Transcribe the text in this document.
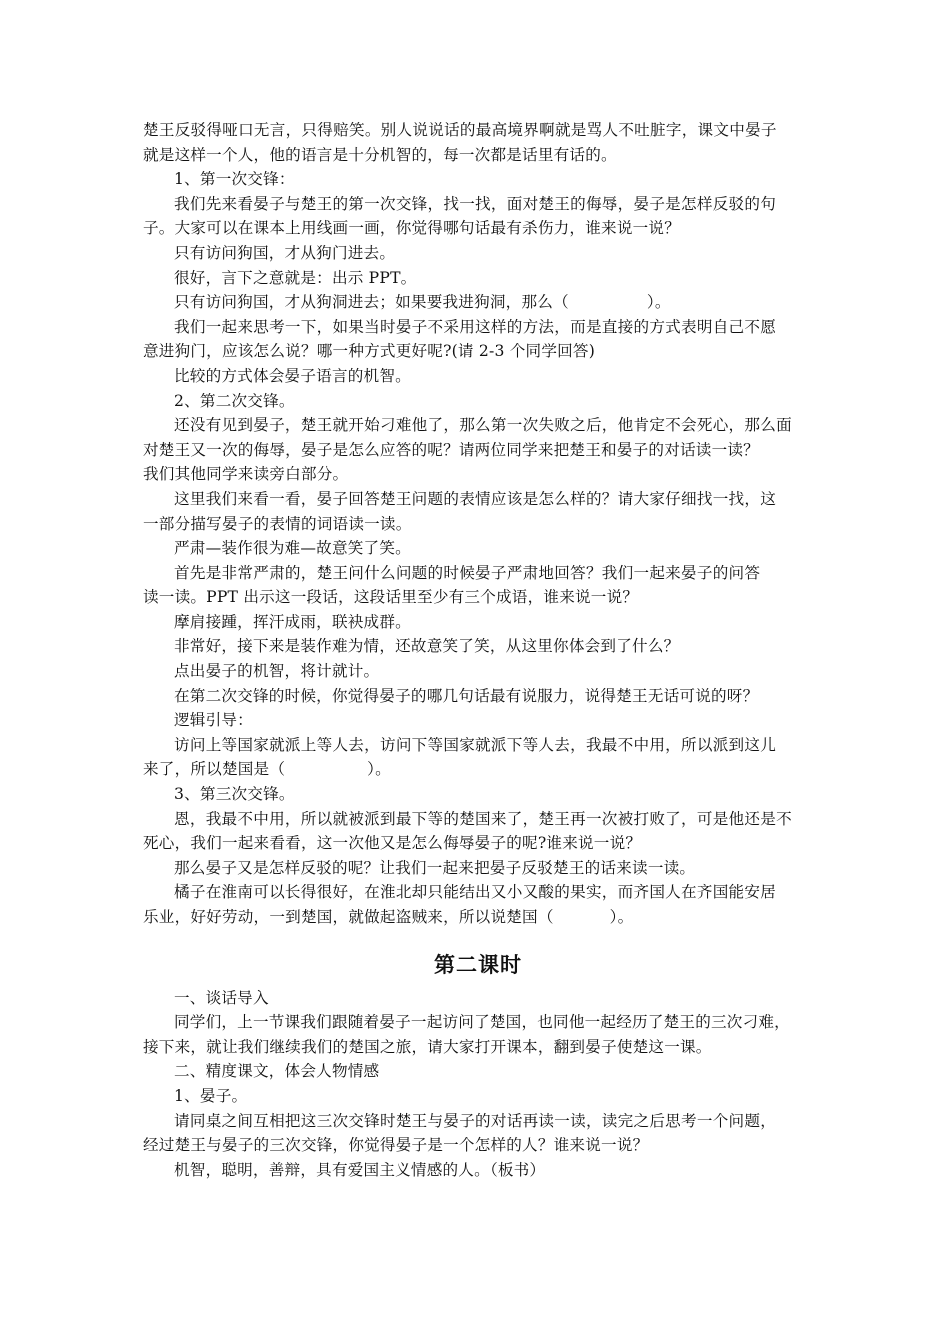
楚王反驳得哑口无言，只得赔笑。别人说说话的最高境界啊就是骂人不吐脏字，课文中晏子

就是这样一个人，他的语言是十分机智的，每一次都是话里有话的。

1、第一次交锋：

我们先来看晏子与楚王的第一次交锋，找一找，面对楚王的侮辱，晏子是怎样反驳的句

子。大家可以在课本上用线画一画，你觉得哪句话最有杀伤力，谁来说一说？

只有访问狗国，才从狗门进去。

很好，言下之意就是：出示 PPT。

只有访问狗国，才从狗洞进去；如果要我进狗洞，那么（	）。

我们一起来思考一下，如果当时晏子不采用这样的方法，而是直接的方式表明自己不愿

意进狗门，应该怎么说？哪一种方式更好呢?(请 2-3 个同学回答)

比较的方式体会晏子语言的机智。

2、第二次交锋。

还没有见到晏子，楚王就开始刁难他了，那么第一次失败之后，他肯定不会死心，那么面

对楚王又一次的侮辱，晏子是怎么应答的呢？请两位同学来把楚王和晏子的对话读一读？

我们其他同学来读旁白部分。

这里我们来看一看，晏子回答楚王问题的表情应该是怎么样的？请大家仔细找一找，这

一部分描写晏子的表情的词语读一读。

严肃—装作很为难—故意笑了笑。

首先是非常严肃的，楚王问什么问题的时候晏子严肃地回答？我们一起来晏子的问答

读一读。PPT 出示这一段话，这段话里至少有三个成语，谁来说一说？

摩肩接踵，挥汗成雨，联袂成群。

非常好，接下来是装作难为情，还故意笑了笑，从这里你体会到了什么？

点出晏子的机智，将计就计。

在第二次交锋的时候，你觉得晏子的哪几句话最有说服力，说得楚王无话可说的呀？

逻辑引导：

访问上等国家就派上等人去，访问下等国家就派下等人去，我最不中用，所以派到这儿

来了，所以楚国是（	）。

3、第三次交锋。

恩，我最不中用，所以就被派到最下等的楚国来了，楚王再一次被打败了，可是他还是不

死心，我们一起来看看，这一次他又是怎么侮辱晏子的呢?谁来说一说？

那么晏子又是怎样反驳的呢？让我们一起来把晏子反驳楚王的话来读一读。

橘子在淮南可以长得很好，在淮北却只能结出又小又酸的果实，而齐国人在齐国能安居

乐业，好好劳动，一到楚国，就做起盗贼来，所以说楚国（	）。

第二课时

一、谈话导入

同学们，上一节课我们跟随着晏子一起访问了楚国，也同他一起经历了楚王的三次刁难，

接下来，就让我们继续我们的楚国之旅，请大家打开课本，翻到晏子使楚这一课。

二、精度课文，体会人物情感

1、晏子。

请同桌之间互相把这三次交锋时楚王与晏子的对话再读一读，读完之后思考一个问题，

经过楚王与晏子的三次交锋，你觉得晏子是一个怎样的人？谁来说一说？

机智，聪明，善辩，具有爱国主义情感的人。（板书）
